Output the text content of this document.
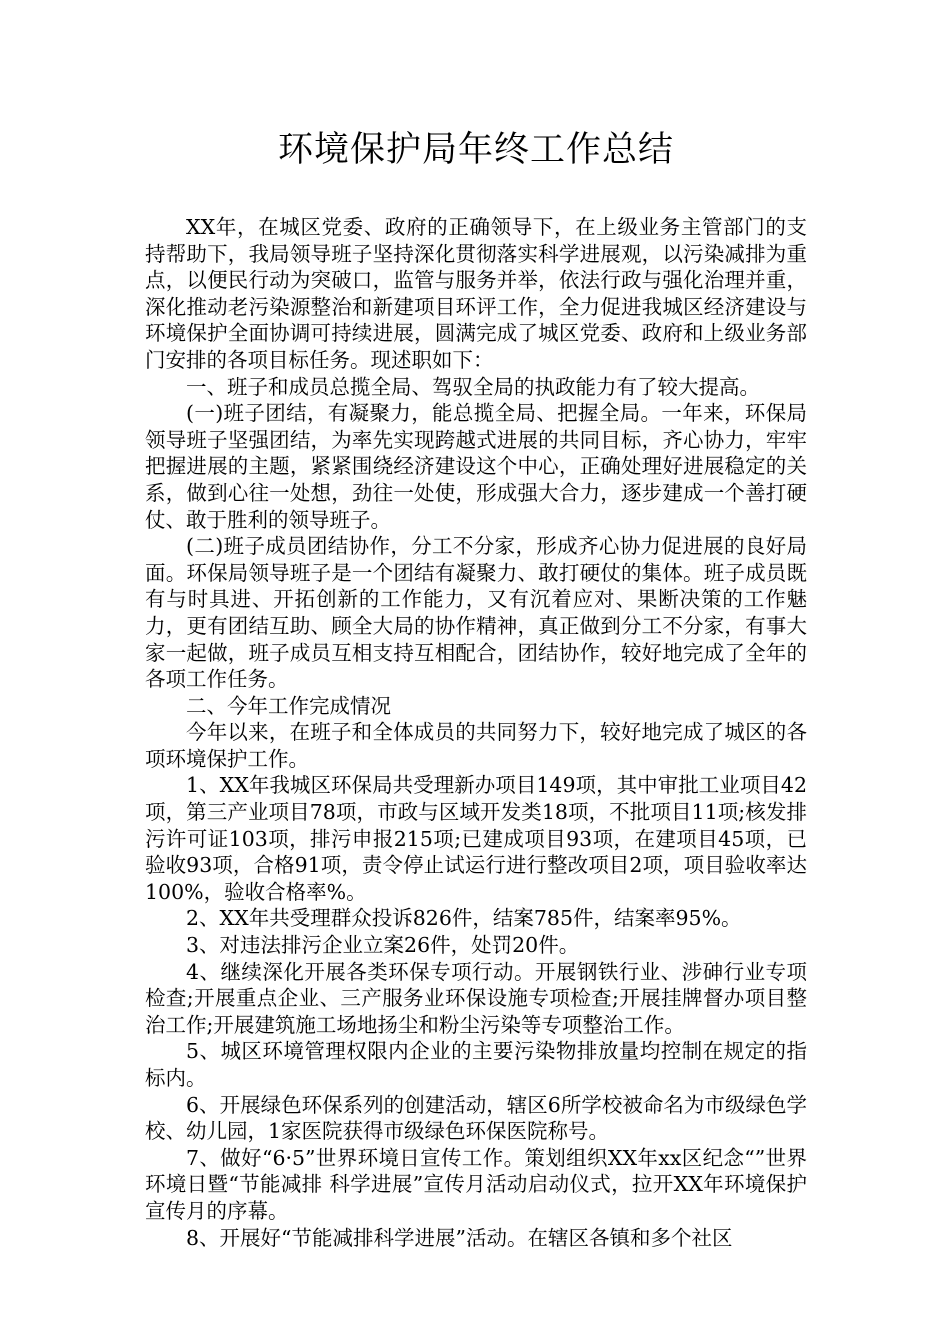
环境保护局年终工作总结

XX年，在城区党委、政府的正确领导下，在上级业务主管部门的支持帮助下，我局领导班子坚持深化贯彻落实科学进展观，以污染减排为重点，以便民行动为突破口，监管与服务并举，依法行政与强化治理并重，深化推动老污染源整治和新建项目环评工作，全力促进我城区经济建设与环境保护全面协调可持续进展，圆满完成了城区党委、政府和上级业务部门安排的各项目标任务。现述职如下：

一、班子和成员总揽全局、驾驭全局的执政能力有了较大提高。

(一)班子团结，有凝聚力，能总揽全局、把握全局。一年来，环保局领导班子坚强团结，为率先实现跨越式进展的共同目标，齐心协力，牢牢把握进展的主题，紧紧围绕经济建设这个中心，正确处理好进展稳定的关系，做到心往一处想，劲往一处使，形成强大合力，逐步建成一个善打硬仗、敢于胜利的领导班子。

(二)班子成员团结协作，分工不分家，形成齐心协力促进展的良好局面。环保局领导班子是一个团结有凝聚力、敢打硬仗的集体。班子成员既有与时具进、开拓创新的工作能力，又有沉着应对、果断决策的工作魅力，更有团结互助、顾全大局的协作精神，真正做到分工不分家，有事大家一起做，班子成员互相支持互相配合，团结协作，较好地完成了全年的各项工作任务。

二、今年工作完成情况

今年以来，在班子和全体成员的共同努力下，较好地完成了城区的各项环境保护工作。

1、XX年我城区环保局共受理新办项目149项，其中审批工业项目42项，第三产业项目78项，市政与区域开发类18项，不批项目11项;核发排污许可证103项，排污申报215项;已建成项目93项，在建项目45项，已验收93项，合格91项，责令停止试运行进行整改项目2项，项目验收率达100%，验收合格率%。

2、XX年共受理群众投诉826件，结案785件，结案率95%。

3、对违法排污企业立案26件，处罚20件。

4、继续深化开展各类环保专项行动。开展钢铁行业、涉砷行业专项检查;开展重点企业、三产服务业环保设施专项检查;开展挂牌督办项目整治工作;开展建筑施工场地扬尘和粉尘污染等专项整治工作。

5、城区环境管理权限内企业的主要污染物排放量均控制在规定的指标内。

6、开展绿色环保系列的创建活动，辖区6所学校被命名为市级绿色学校、幼儿园，1家医院获得市级绿色环保医院称号。

7、做好“6·5”世界环境日宣传工作。策划组织XX年xx区纪念“”世界环境日暨“节能减排 科学进展”宣传月活动启动仪式，拉开XX年环境保护宣传月的序幕。

8、开展好“节能减排科学进展”活动。在辖区各镇和多个社区
